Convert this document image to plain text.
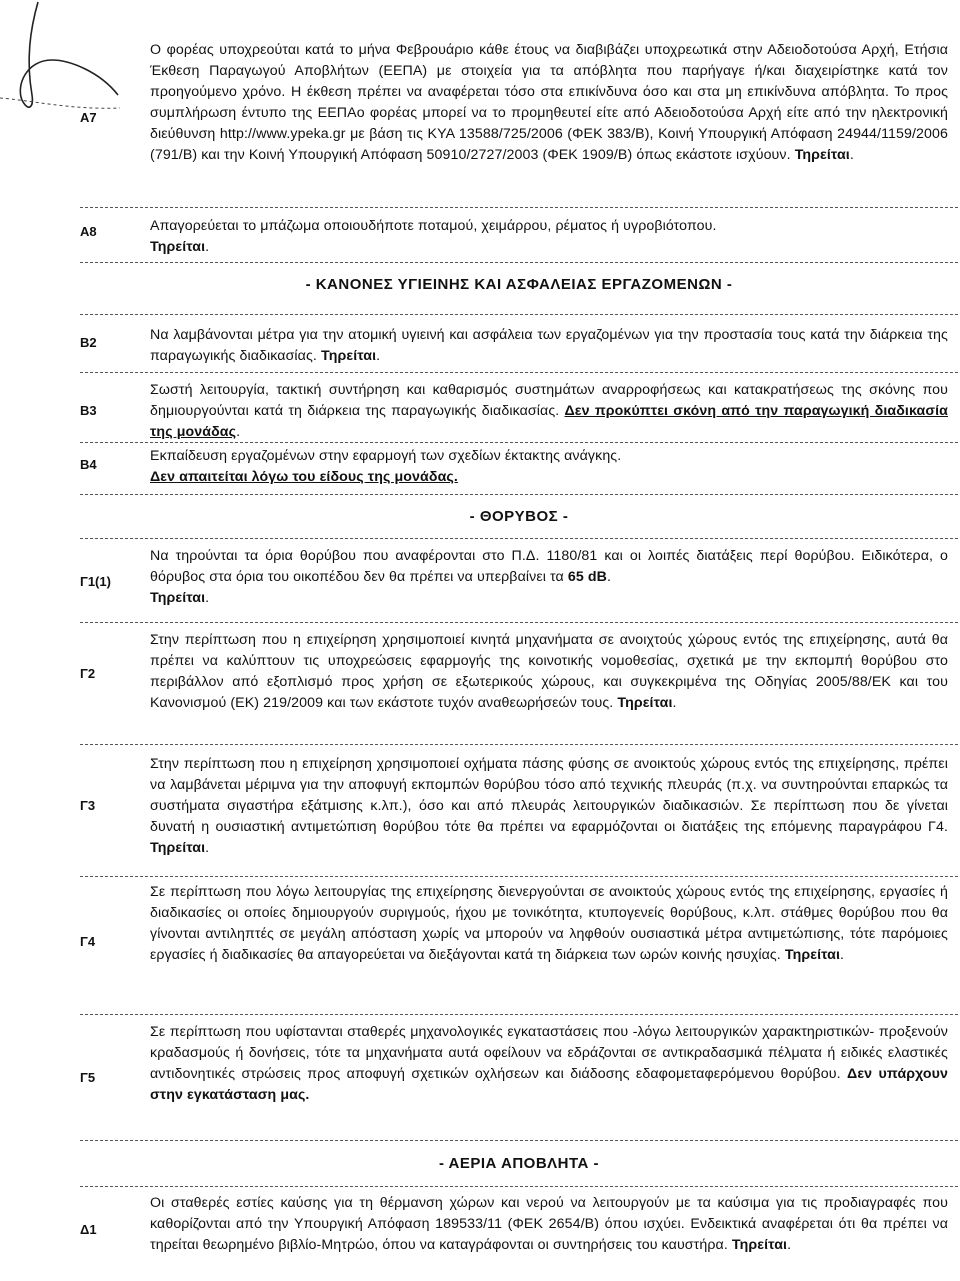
Α7
Ο φορέας υποχρεούται κατά το μήνα Φεβρουάριο κάθε έτους να διαβιβάζει υποχρεωτικά στην Αδειοδοτούσα Αρχή, Ετήσια Έκθεση Παραγωγού Αποβλήτων (ΕΕΠΑ) με στοιχεία για τα απόβλητα που παρήγαγε ή/και διαχειρίστηκε κατά τον προηγούμενο χρόνο. Η έκθεση πρέπει να αναφέρεται τόσο στα επικίνδυνα όσο και στα μη επικίνδυνα απόβλητα. Το προς συμπλήρωση έντυπο της ΕΕΠΑο φορέας μπορεί να το προμηθευτεί είτε από Αδειοδοτούσα Αρχή είτε από την ηλεκτρονική διεύθυνση http://www.ypeka.gr με βάση τις ΚΥΑ 13588/725/2006 (ΦΕΚ 383/Β), Κοινή Υπουργική Απόφαση 24944/1159/2006 (791/Β) και την Κοινή Υπουργική Απόφαση 50910/2727/2003 (ΦΕΚ 1909/Β) όπως εκάστοτε ισχύουν. Τηρείται.
Α8	Απαγορεύεται το μπάζωμα οποιουδήποτε ποταμού, χειμάρρου, ρέματος ή υγροβιότοπου.
Τηρείται.
- ΚΑΝΟΝΕΣ ΥΓΙΕΙΝΗΣ ΚΑΙ ΑΣΦΑΛΕΙΑΣ ΕΡΓΑΖΟΜΕΝΩΝ -
Β2	Να λαμβάνονται μέτρα για την ατομική υγιεινή και ασφάλεια των εργαζομένων για την προστασία τους κατά την διάρκεια της παραγωγικής διαδικασίας. Τηρείται.
Β3
Σωστή λειτουργία, τακτική συντήρηση και καθαρισμός συστημάτων αναρροφήσεως και κατακρατήσεως της σκόνης που δημιουργούνται κατά τη διάρκεια της παραγωγικής διαδικασίας. Δεν προκύπτει σκόνη από την παραγωγική διαδικασία της μονάδας.
Β4
Εκπαίδευση εργαζομένων στην εφαρμογή των σχεδίων έκτακτης ανάγκης.
Δεν απαιτείται λόγω του είδους της μονάδας.
- ΘΟΡΥΒΟΣ -
Γ1(1)
Να τηρούνται τα όρια θορύβου που αναφέρονται στο Π.Δ. 1180/81 και οι λοιπές διατάξεις περί θορύβου. Ειδικότερα, ο θόρυβος στα όρια του οικοπέδου δεν θα πρέπει να υπερβαίνει τα 65 dB.
Τηρείται.
Γ2
Στην περίπτωση που η επιχείρηση χρησιμοποιεί κινητά μηχανήματα σε ανοιχτούς χώρους εντός της επιχείρησης, αυτά θα πρέπει να καλύπτουν τις υποχρεώσεις εφαρμογής της κοινοτικής νομοθεσίας, σχετικά με την εκπομπή θορύβου στο περιβάλλον από εξοπλισμό προς χρήση σε εξωτερικούς χώρους, και συγκεκριμένα της Οδηγίας 2005/88/ΕΚ και του Κανονισμού (ΕΚ) 219/2009 και των εκάστοτε τυχόν αναθεωρήσεών τους. Τηρείται.
Γ3
Στην περίπτωση που η επιχείρηση χρησιμοποιεί οχήματα πάσης φύσης σε ανοικτούς χώρους εντός της επιχείρησης, πρέπει να λαμβάνεται μέριμνα για την αποφυγή εκπομπών θορύβου τόσο από τεχνικής πλευράς (π.χ. να συντηρούνται επαρκώς τα συστήματα σιγαστήρα εξάτμισης κ.λπ.), όσο και από πλευράς λειτουργικών διαδικασιών. Σε περίπτωση που δε γίνεται δυνατή η ουσιαστική αντιμετώπιση θορύβου τότε θα πρέπει να εφαρμόζονται οι διατάξεις της επόμενης παραγράφου Γ4. Τηρείται.
Γ4
Σε περίπτωση που λόγω λειτουργίας της επιχείρησης διενεργούνται σε ανοικτούς χώρους εντός της επιχείρησης, εργασίες ή διαδικασίες οι οποίες δημιουργούν συριγμούς, ήχου με τονικότητα, κτυπογενείς θορύβους, κ.λπ. στάθμες θορύβου που θα γίνονται αντιληπτές σε μεγάλη απόσταση χωρίς να μπορούν να ληφθούν ουσιαστικά μέτρα αντιμετώπισης, τότε παρόμοιες εργασίες ή διαδικασίες θα απαγορεύεται να διεξάγονται κατά τη διάρκεια των ωρών κοινής ησυχίας. Τηρείται.
Γ5
Σε περίπτωση που υφίστανται σταθερές μηχανολογικές εγκαταστάσεις που -λόγω λειτουργικών χαρακτηριστικών- προξενούν κραδασμούς ή δονήσεις, τότε τα μηχανήματα αυτά οφείλουν να εδράζονται σε αντικραδασμικά πέλματα ή ειδικές ελαστικές αντιδονητικές στρώσεις προς αποφυγή σχετικών οχλήσεων και διάδοσης εδαφομεταφερόμενου θορύβου. Δεν υπάρχουν στην εγκατάσταση μας.
- ΑΕΡΙΑ ΑΠΟΒΛΗΤΑ -
Δ1
Οι σταθερές εστίες καύσης για τη θέρμανση χώρων και νερού να λειτουργούν με τα καύσιμα για τις προδιαγραφές που καθορίζονται από την Υπουργική Απόφαση 189533/11 (ΦΕΚ 2654/Β) όπου ισχύει. Ενδεικτικά αναφέρεται ότι θα πρέπει να τηρείται θεωρημένο βιβλίο-Μητρώο, όπου να καταγράφονται οι συντηρήσεις του καυστήρα. Τηρείται.
